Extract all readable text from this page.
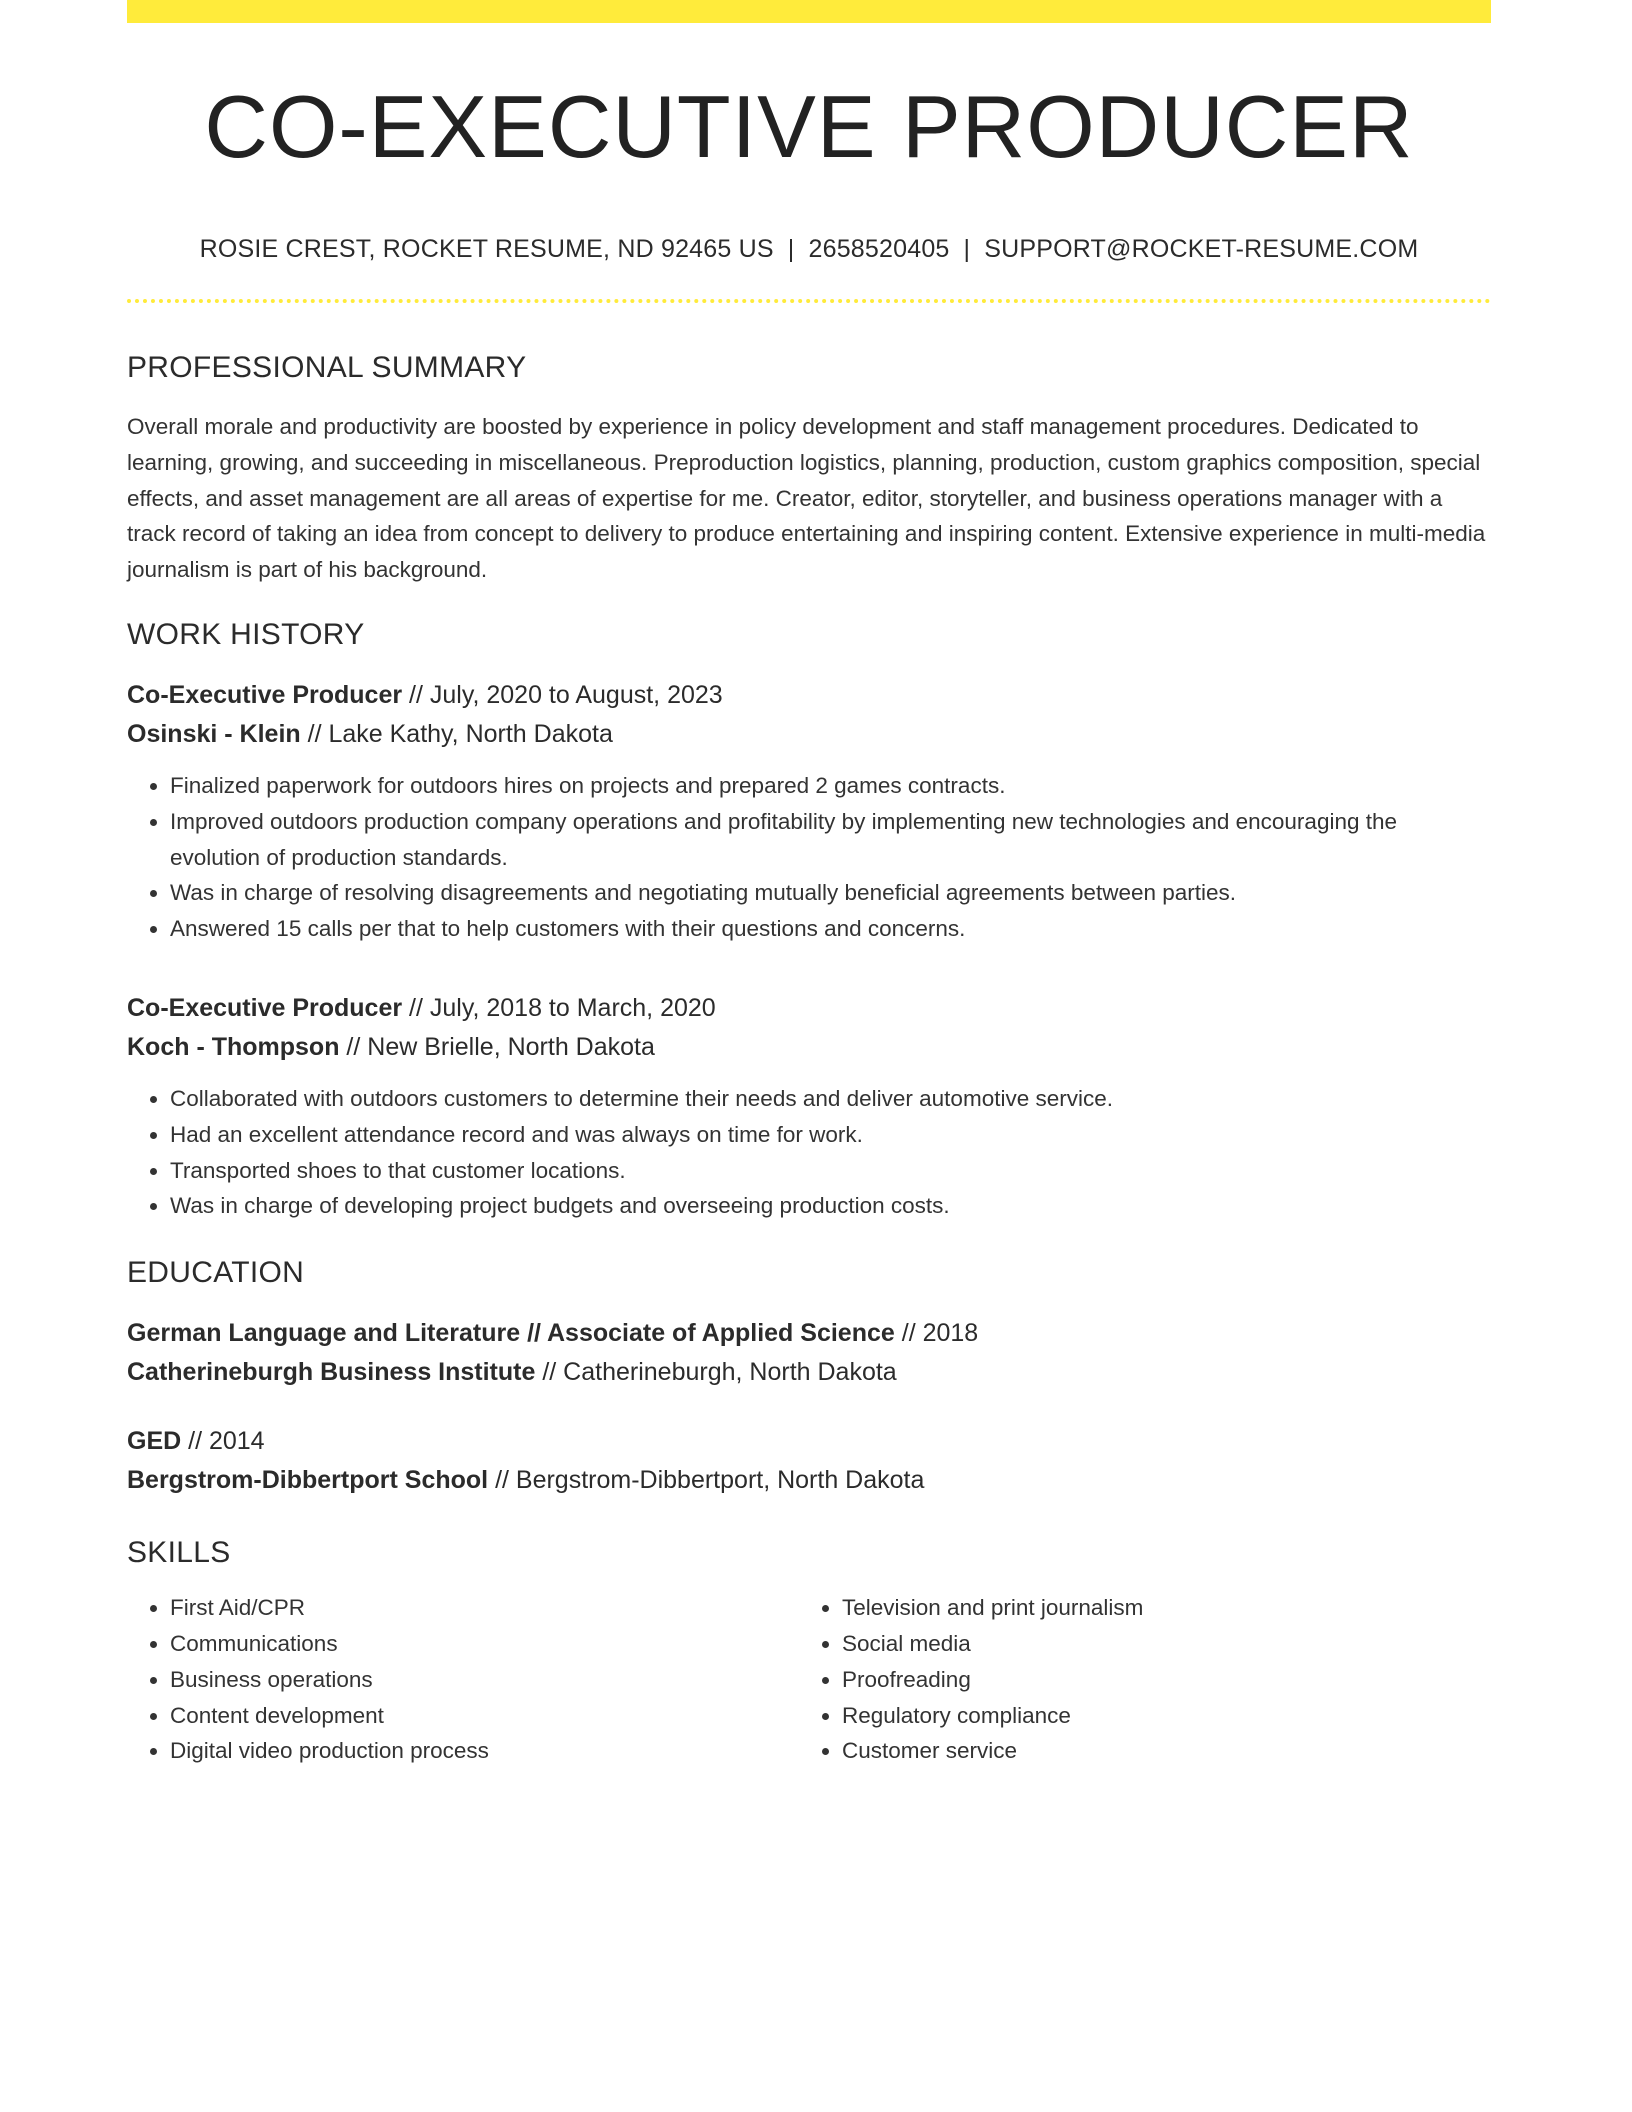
CO-EXECUTIVE PRODUCER
ROSIE CREST, ROCKET RESUME, ND 92465 US | 2658520405 | SUPPORT@ROCKET-RESUME.COM
PROFESSIONAL SUMMARY

Overall morale and productivity are boosted by experience in policy development and staff management procedures. Dedicated to learning, growing, and succeeding in miscellaneous. Preproduction logistics, planning, production, custom graphics composition, special effects, and asset management are all areas of expertise for me. Creator, editor, storyteller, and business operations manager with a track record of taking an idea from concept to delivery to produce entertaining and inspiring content. Extensive experience in multi-media journalism is part of his background.

WORK HISTORY
Co-Executive Producer // July, 2020 to August, 2023
Osinski - Klein // Lake Kathy, North Dakota
• Finalized paperwork for outdoors hires on projects and prepared 2 games contracts.
• Improved outdoors production company operations and profitability by implementing new technologies and encouraging the evolution of production standards.
• Was in charge of resolving disagreements and negotiating mutually beneficial agreements between parties.
• Answered 15 calls per that to help customers with their questions and concerns.
Co-Executive Producer // July, 2018 to March, 2020
Koch - Thompson // New Brielle, North Dakota
• Collaborated with outdoors customers to determine their needs and deliver automotive service.
• Had an excellent attendance record and was always on time for work.
• Transported shoes to that customer locations.
• Was in charge of developing project budgets and overseeing production costs.
EDUCATION
German Language and Literature // Associate of Applied Science // 2018
Catherineburgh Business Institute // Catherineburgh, North Dakota
GED // 2014
Bergstrom-Dibbertport School // Bergstrom-Dibbertport, North Dakota
SKILLS
• First Aid/CPR
• Communications
• Business operations
• Content development
• Digital video production process
• Television and print journalism
• Social media
• Proofreading
• Regulatory compliance
• Customer service
